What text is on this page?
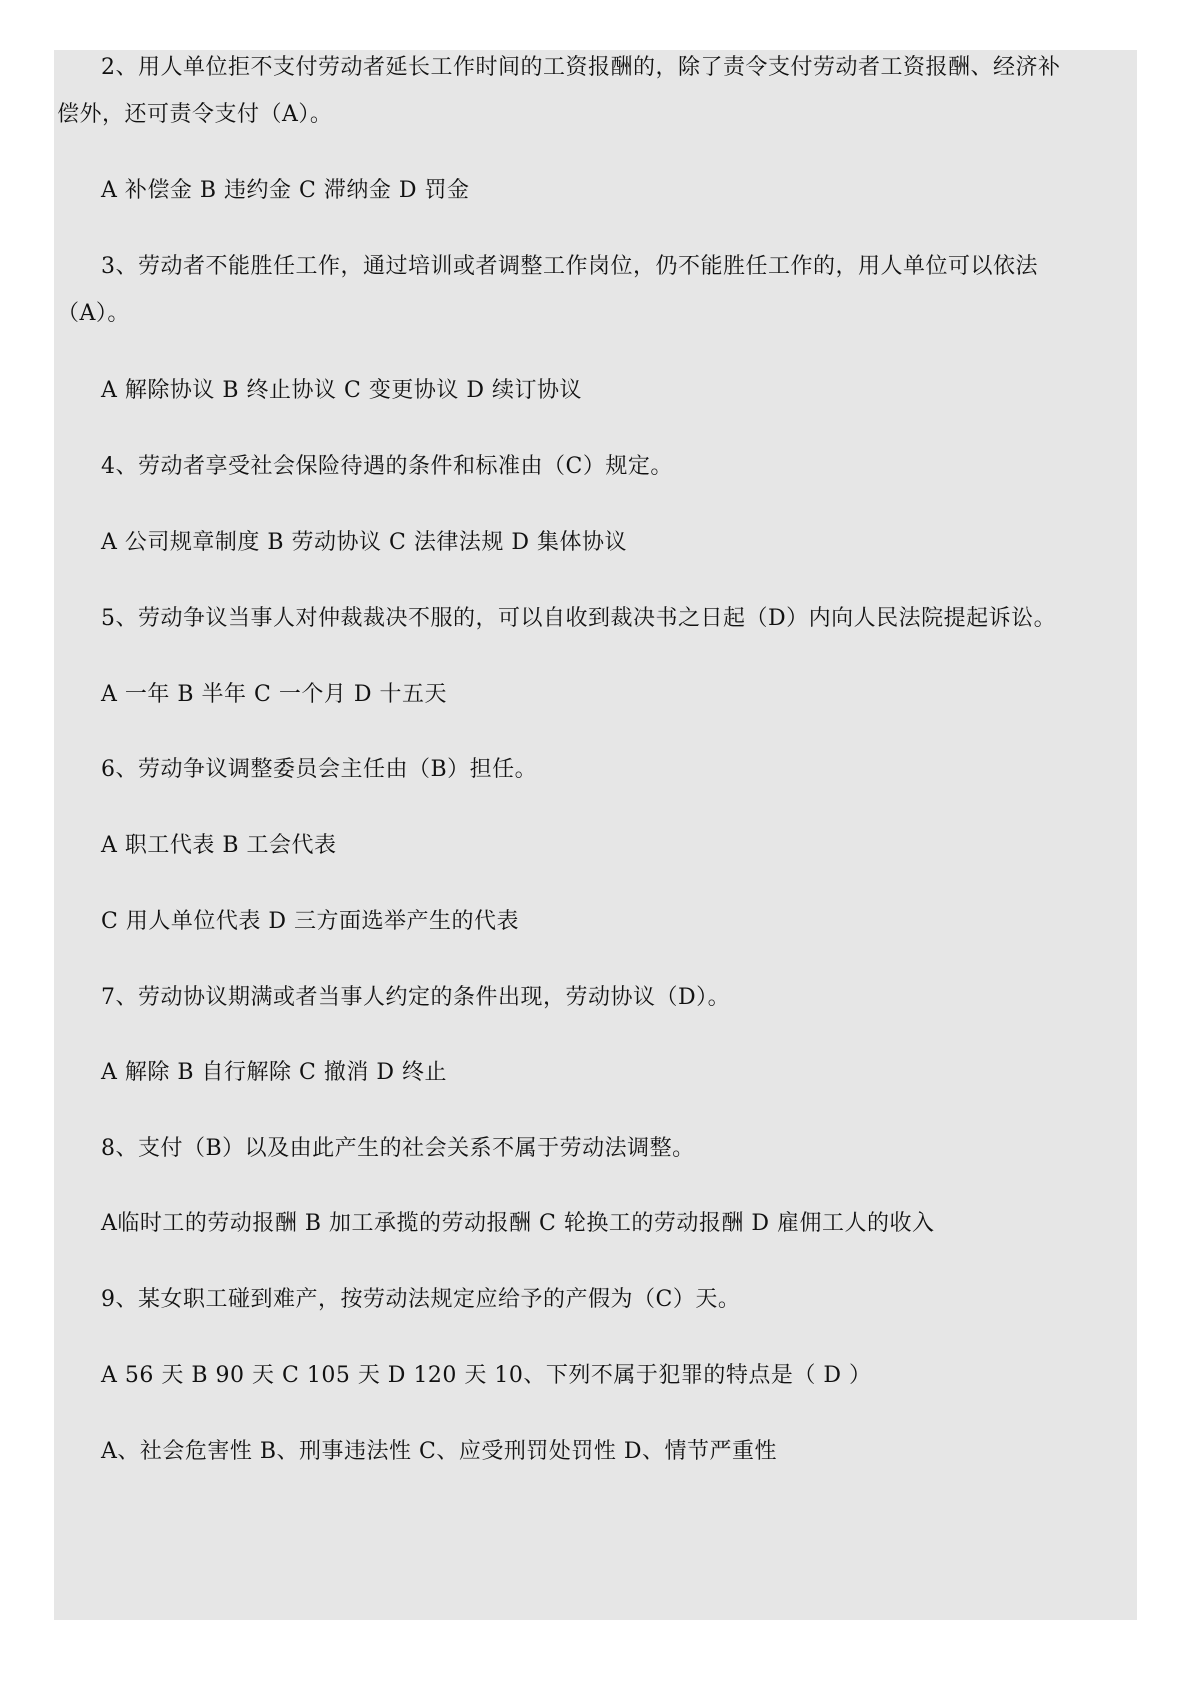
2、用人单位拒不支付劳动者延长工作时间的工资报酬的，除了责令支付劳动者工资报酬、经济补
偿外，还可责令支付（A）。
A 补偿金 B 违约金 C 滞纳金 D 罚金
3、劳动者不能胜任工作，通过培训或者调整工作岗位，仍不能胜任工作的，用人单位可以依法
（A）。
A 解除协议 B 终止协议 C 变更协议 D 续订协议
4、劳动者享受社会保险待遇的条件和标准由（C）规定。
A 公司规章制度 B 劳动协议 C 法律法规 D 集体协议
5、劳动争议当事人对仲裁裁决不服的，可以自收到裁决书之日起（D）内向人民法院提起诉讼。
A 一年 B 半年 C 一个月 D 十五天
6、劳动争议调整委员会主任由（B）担任。
A 职工代表 B 工会代表
C 用人单位代表 D 三方面选举产生的代表
7、劳动协议期满或者当事人约定的条件出现，劳动协议（D）。
A 解除 B 自行解除 C 撤消 D 终止
8、支付（B）以及由此产生的社会关系不属于劳动法调整。
A临时工的劳动报酬 B 加工承揽的劳动报酬 C 轮换工的劳动报酬 D 雇佣工人的收入
9、某女职工碰到难产，按劳动法规定应给予的产假为（C）天。
A 56 天 B 90 天 C 105 天 D 120 天 10、下列不属于犯罪的特点是（ D ）
A、社会危害性 B、刑事违法性 C、应受刑罚处罚性 D、情节严重性
